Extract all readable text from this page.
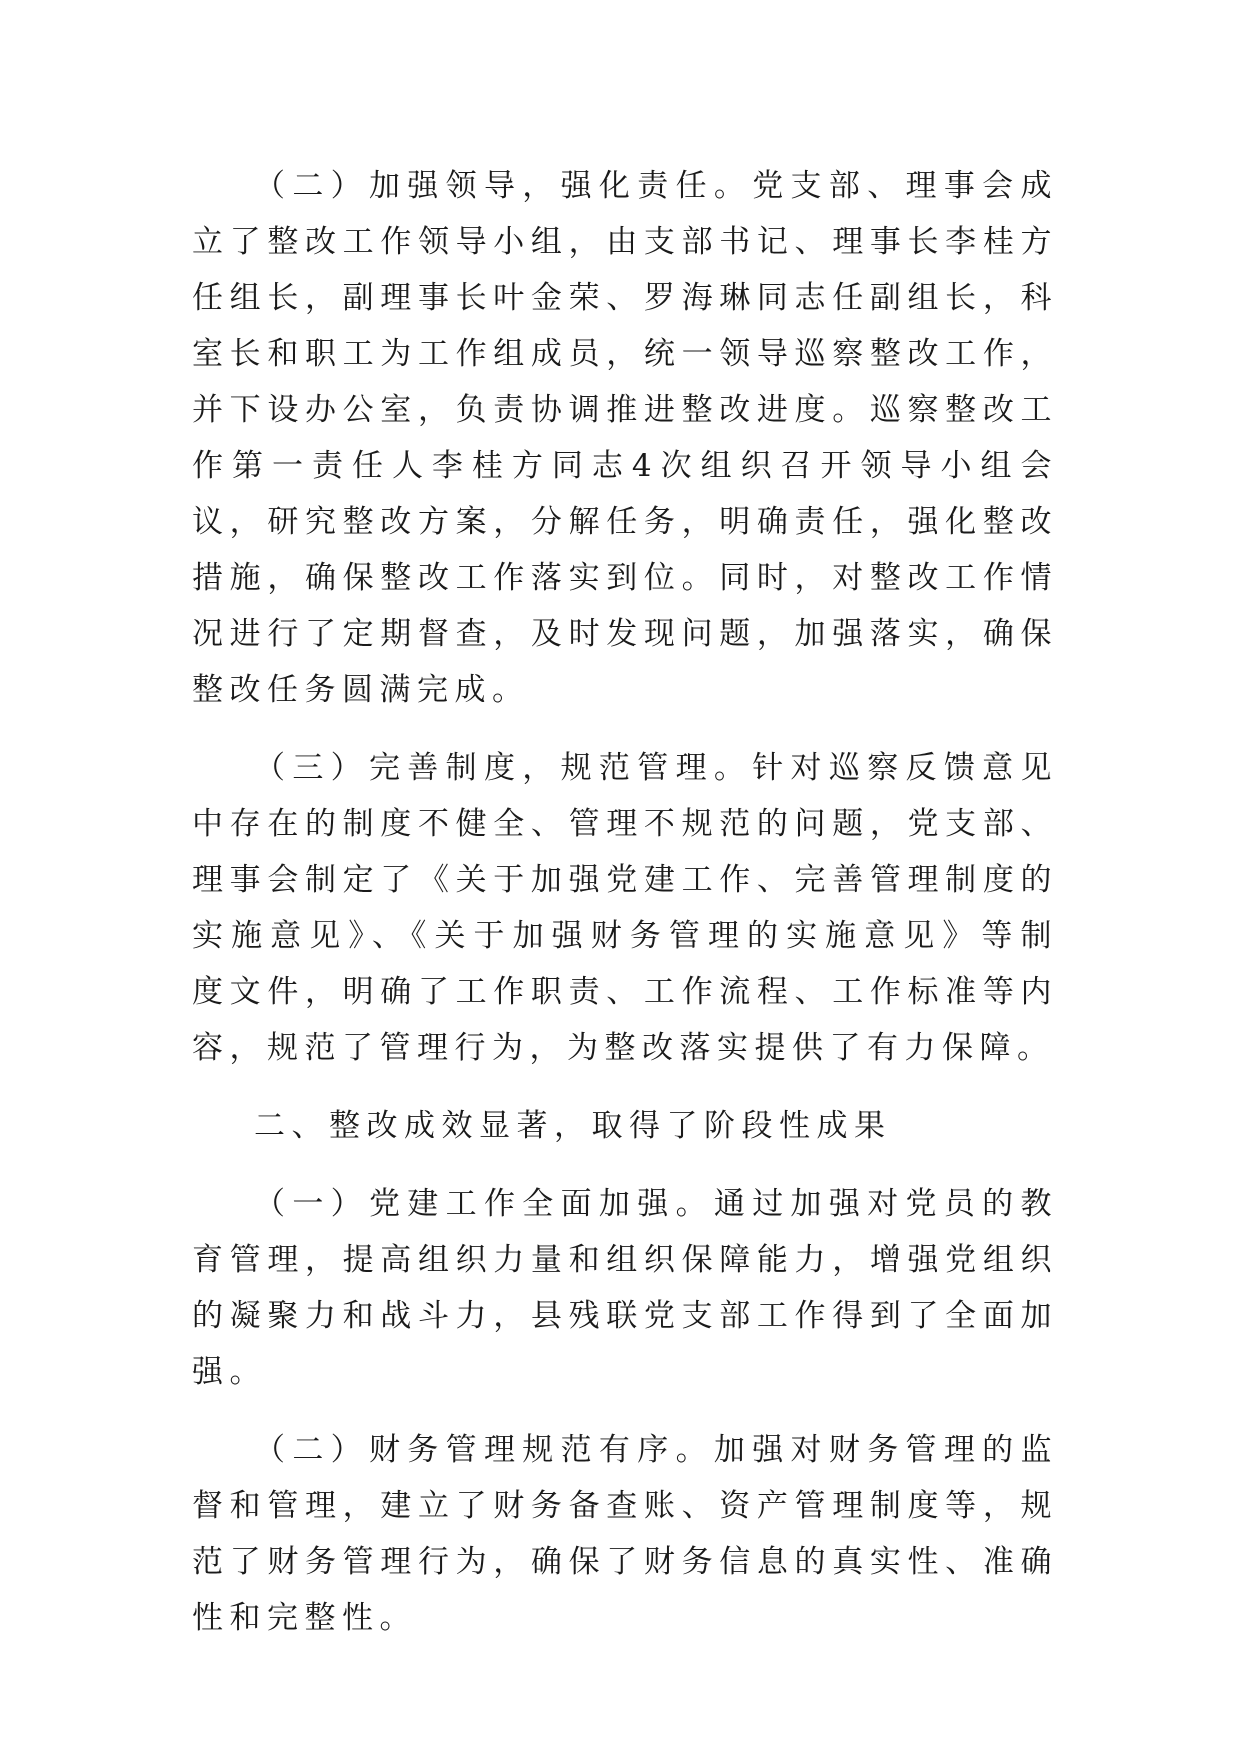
（二）加强领导，强化责任。党支部、理事会成立了整改工作领导小组，由支部书记、理事长李桂方任组长，副理事长叶金荣、罗海琳同志任副组长，科室长和职工为工作组成员，统一领导巡察整改工作，并下设办公室，负责协调推进整改进度。巡察整改工作第一责任人李桂方同志4次组织召开领导小组会议，研究整改方案，分解任务，明确责任，强化整改措施，确保整改工作落实到位。同时，对整改工作情况进行了定期督查，及时发现问题，加强落实，确保整改任务圆满完成。

（三）完善制度，规范管理。针对巡察反馈意见中存在的制度不健全、管理不规范的问题，党支部、理事会制定了《关于加强党建工作、完善管理制度的实施意见》、《关于加强财务管理的实施意见》等制度文件，明确了工作职责、工作流程、工作标准等内容，规范了管理行为，为整改落实提供了有力保障。

二、整改成效显著，取得了阶段性成果

（一）党建工作全面加强。通过加强对党员的教育管理，提高组织力量和组织保障能力，增强党组织的凝聚力和战斗力，县残联党支部工作得到了全面加强。

（二）财务管理规范有序。加强对财务管理的监督和管理，建立了财务备查账、资产管理制度等，规范了财务管理行为，确保了财务信息的真实性、准确性和完整性。
